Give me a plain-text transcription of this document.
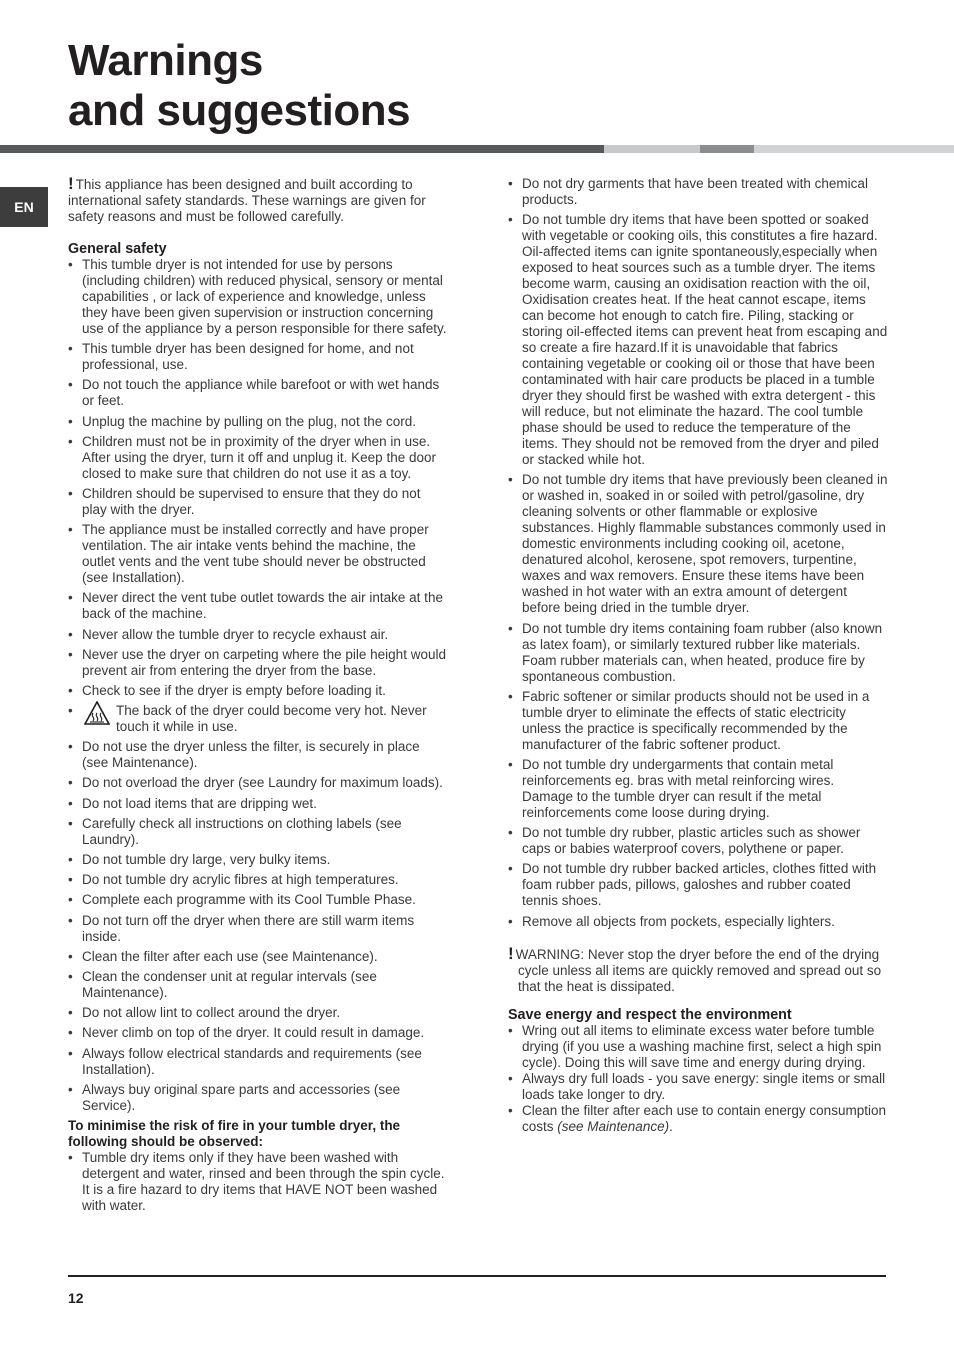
Warnings
and suggestions
EN

! This appliance has been designed and built according to international safety standards. These warnings are given for safety reasons and must be followed carefully.

General safety

• This tumble dryer is not intended for use by persons (including children) with reduced physical, sensory or mental capabilities , or lack of experience and knowledge, unless they have been given supervision or instruction concerning use of the appliance by a person responsible for there safety.
• This tumble dryer has been designed for home, and not professional, use.
• Do not touch the appliance while barefoot or with wet hands or feet.
• Unplug the machine by pulling on the plug, not the cord.
• Children must not be in proximity of the dryer when in use. After using the dryer, turn it off and unplug it. Keep the door closed to make sure that children do not use it as a toy.
• Children should be supervised to ensure that they do not play with the dryer.
• The appliance must be installed correctly and have proper ventilation. The air intake vents behind the machine, the outlet vents and the vent tube should never be obstructed (see Installation).
• Never direct the vent tube outlet towards the air intake at the back of the machine.
• Never allow the tumble dryer to recycle exhaust air.
• Never use the dryer on carpeting where the pile height would prevent air from entering the dryer from the base.
• Check to see if the dryer is empty before loading it.
• The back of the dryer could become very hot. Never touch it while in use.
• Do not use the dryer unless the filter, is securely in place (see Maintenance).
• Do not overload the dryer (see Laundry for maximum loads).
• Do not load items that are dripping wet.
• Carefully check all instructions on clothing labels (see Laundry).
• Do not tumble dry large, very bulky items.
• Do not tumble dry acrylic fibres at high temperatures.
• Complete each programme with its Cool Tumble Phase.
• Do not turn off the dryer when there are still warm items inside.
• Clean the filter after each use (see Maintenance).
• Clean the condenser unit at regular intervals (see Maintenance).
• Do not allow lint to collect around the dryer.
• Never climb on top of the dryer. It could result in damage.
• Always follow electrical standards and requirements (see Installation).
• Always buy original spare parts and accessories (see Service).

To minimise the risk of fire in your tumble dryer, the following should be observed:

• Tumble dry items only if they have been washed with detergent and water, rinsed and been through the spin cycle. It is a fire hazard to dry items that HAVE NOT been washed with water.
• Do not dry garments that have been treated with chemical products.
• Do not tumble dry items that have been spotted or soaked with vegetable or cooking oils, this constitutes a fire hazard. Oil-affected items can ignite spontaneously,especially when exposed to heat sources such as a tumble dryer. The items become warm, causing an oxidisation reaction with the oil, Oxidisation creates heat. If the heat cannot escape, items can become hot enough to catch fire. Piling, stacking or storing oil-effected items can prevent heat from escaping and so create a fire hazard.If it is unavoidable that fabrics containing vegetable or cooking oil or those that have been contaminated with hair care products be placed in a tumble dryer they should first be washed with extra detergent - this will reduce, but not eliminate the hazard. The cool tumble phase should be used to reduce the temperature of the items. They should not be removed from the dryer and piled or stacked while hot.
• Do not tumble dry items that have previously been cleaned in or washed in, soaked in or soiled with petrol/gasoline, dry cleaning solvents or other flammable or explosive substances. Highly flammable substances commonly used in domestic environments including cooking oil, acetone, denatured alcohol, kerosene, spot removers, turpentine, waxes and wax removers. Ensure these items have been washed in hot water with an extra amount of detergent before being dried in the tumble dryer.
• Do not tumble dry items containing foam rubber (also known as latex foam), or similarly textured rubber like materials. Foam rubber materials can, when heated, produce fire by spontaneous combustion.
• Fabric softener or similar products should not be used in a tumble dryer to eliminate the effects of static electricity unless the practice is specifically recommended by the manufacturer of the fabric softener product.
• Do not tumble dry undergarments that contain metal reinforcements eg. bras with metal reinforcing wires. Damage to the tumble dryer can result if the metal reinforcements come loose during drying.
• Do not tumble dry rubber, plastic articles such as shower caps or babies waterproof covers, polythene or paper.
• Do not tumble dry rubber backed articles, clothes fitted with foam rubber pads, pillows, galoshes and rubber coated tennis shoes.
• Remove all objects from pockets, especially lighters.

! WARNING: Never stop the dryer before the end of the drying cycle unless all items are quickly removed and spread out so that the heat is dissipated.

Save energy and respect the environment

• Wring out all items to eliminate excess water before tumble drying (if you use a washing machine first, select a high spin cycle). Doing this will save time and energy during drying.
• Always dry full loads - you save energy: single items or small loads take longer to dry.
• Clean the filter after each use to contain energy consumption costs (see Maintenance).
12
